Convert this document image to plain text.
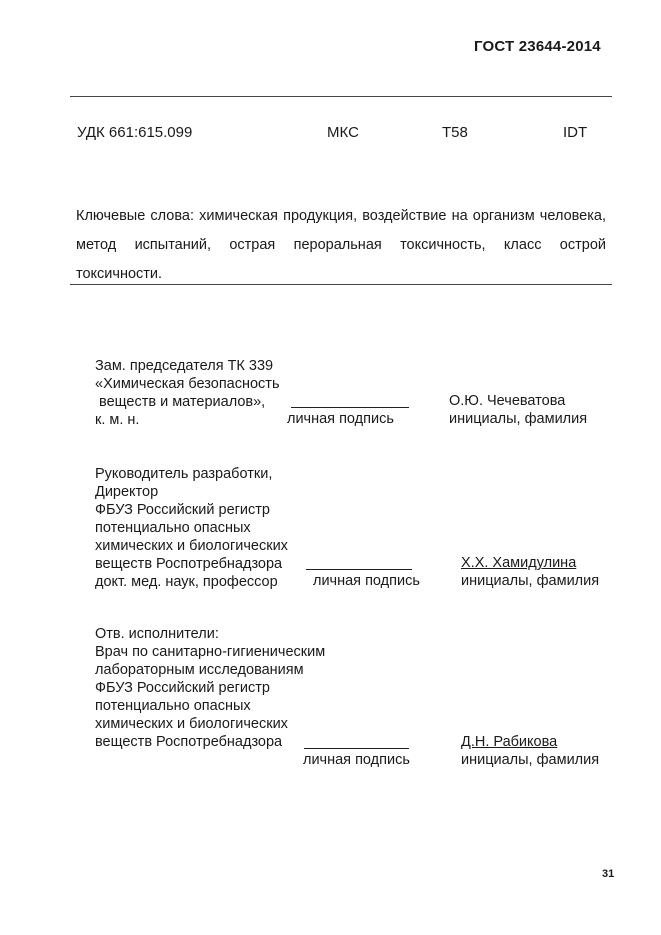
ГОСТ 23644-2014
УДК 661:615.099	МКС	Т58	IDT
Ключевые слова: химическая продукция, воздействие на организм человека, метод испытаний, острая пероральная токсичность, класс острой токсичности.

Зам. председателя ТК 339
«Химическая безопасность
веществ и материалов»,
к. м. н.	личная подпись
О.Ю. Чечеватова
инициалы, фамилия

Руководитель разработки,
Директор
ФБУЗ Российский регистр
потенциально опасных
химических и биологических
веществ Роспотребнадзора
докт. мед. наук, профессор	личная подпись
Х.Х. Хамидулина
инициалы, фамилия

Отв. исполнители:
Врач по санитарно-гигиеническим
лабораторным исследованиям
ФБУЗ Российский регистр
потенциально опасных
химических и биологических
веществ Роспотребнадзора

личная подпись
Д.Н. Рабикова
инициалы, фамилия
31
